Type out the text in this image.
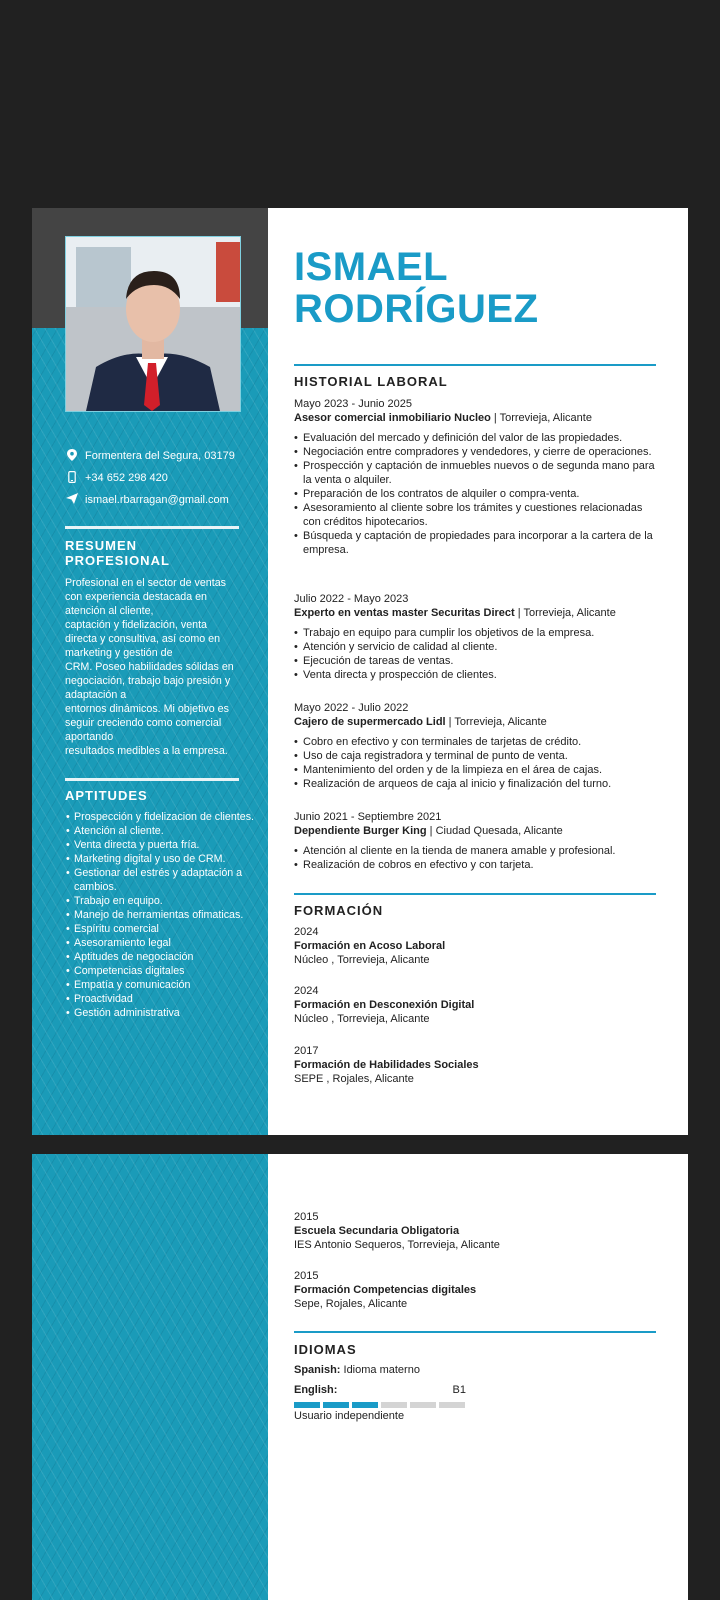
ISMAEL
RODRÍGUEZ
Formentera del Segura, 03179
+34 652 298 420
ismael.rbarragan@gmail.com
RESUMEN PROFESIONAL
Profesional en el sector de ventas
con experiencia destacada en
atención al cliente,
captación y fidelización, venta
directa y consultiva, así como en
marketing y gestión de
CRM. Poseo habilidades sólidas en
negociación, trabajo bajo presión y
adaptación a
entornos dinámicos. Mi objetivo es
seguir creciendo como comercial
aportando
resultados medibles a la empresa.
APTITUDES
• Prospección y fidelizacion de clientes.
• Atención al cliente.
• Venta directa y puerta fría.
• Marketing digital y uso de CRM.
• Gestionar del estrés y adaptación a cambios.
• Trabajo en equipo.
• Manejo de herramientas ofimaticas.
• Espíritu comercial
• Asesoramiento legal
• Aptitudes de negociación
• Competencias digitales
• Empatía y comunicación
• Proactividad
• Gestión administrativa
HISTORIAL LABORAL
Mayo 2023 - Junio 2025
Asesor comercial inmobiliario Nucleo | Torrevieja, Alicante
• Evaluación del mercado y definición del valor de las propiedades.
• Negociación entre compradores y vendedores, y cierre de operaciones.
• Prospección y captación de inmuebles nuevos o de segunda mano para la venta o alquiler.
• Preparación de los contratos de alquiler o compra-venta.
• Asesoramiento al cliente sobre los trámites y cuestiones relacionadas con créditos hipotecarios.
• Búsqueda y captación de propiedades para incorporar a la cartera de la empresa.
Julio 2022 - Mayo 2023
Experto en ventas master Securitas Direct | Torrevieja, Alicante
• Trabajo en equipo para cumplir los objetivos de la empresa.
• Atención y servicio de calidad al cliente.
• Ejecución de tareas de ventas.
• Venta directa y prospección de clientes.
Mayo 2022 - Julio 2022
Cajero de supermercado Lidl | Torrevieja, Alicante
• Cobro en efectivo y con terminales de tarjetas de crédito.
• Uso de caja registradora y terminal de punto de venta.
• Mantenimiento del orden y de la limpieza en el área de cajas.
• Realización de arqueos de caja al inicio y finalización del turno.
Junio 2021 - Septiembre 2021
Dependiente Burger King | Ciudad Quesada, Alicante
• Atención al cliente en la tienda de manera amable y profesional.
• Realización de cobros en efectivo y con tarjeta.
FORMACIÓN
2024
Formación en Acoso Laboral
Núcleo , Torrevieja, Alicante
2024
Formación en Desconexión Digital
Núcleo , Torrevieja, Alicante
2017
Formación de Habilidades Sociales
SEPE , Rojales, Alicante
2015
Escuela Secundaria Obligatoria
IES Antonio Sequeros, Torrevieja, Alicante
2015
Formación Competencias digitales
Sepe, Rojales, Alicante
IDIOMAS
Spanish: Idioma materno
English:	B1
Usuario independiente
